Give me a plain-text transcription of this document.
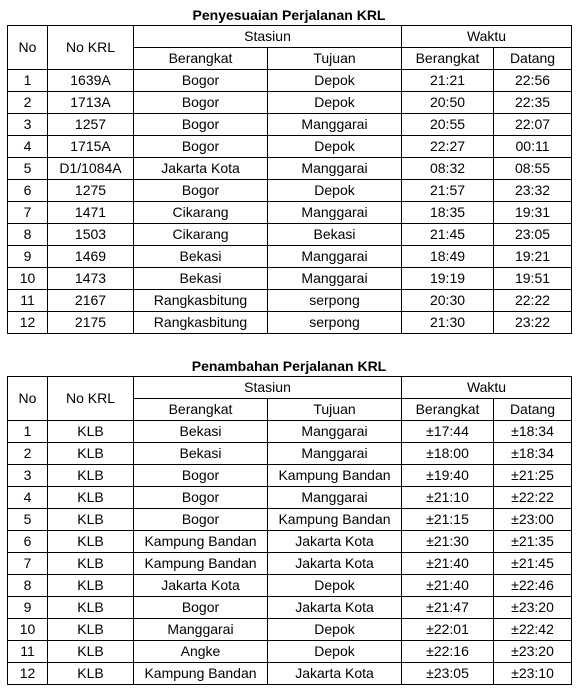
Penyesuaian Perjalanan KRL
No	No KRL	Stasiun		Waktu	
		Berangkat	Tujuan	Berangkat	Datang
1	1639A	Bogor	Depok	21:21	22:56
2	1713A	Bogor	Depok	20:50	22:35
3	1257	Bogor	Manggarai	20:55	22:07
4	1715A	Bogor	Depok	22:27	00:11
5	D1/1084A	Jakarta Kota	Manggarai	08:32	08:55
6	1275	Bogor	Depok	21:57	23:32
7	1471	Cikarang	Manggarai	18:35	19:31
8	1503	Cikarang	Bekasi	21:45	23:05
9	1469	Bekasi	Manggarai	18:49	19:21
10	1473	Bekasi	Manggarai	19:19	19:51
11	2167	Rangkasbitung	serpong	20:30	22:22
12	2175	Rangkasbitung	serpong	21:30	23:22
Penambahan Perjalanan KRL
No	No KRL	Stasiun		Waktu	
		Berangkat	Tujuan	Berangkat	Datang
1	KLB	Bekasi	Manggarai	±17:44	±18:34
2	KLB	Bekasi	Manggarai	±18:00	±18:34
3	KLB	Bogor	Kampung Bandan	±19:40	±21:25
4	KLB	Bogor	Manggarai	±21:10	±22:22
5	KLB	Bogor	Kampung Bandan	±21:15	±23:00
6	KLB	Kampung Bandan	Jakarta Kota	±21:30	±21:35
7	KLB	Kampung Bandan	Jakarta Kota	±21:40	±21:45
8	KLB	Jakarta Kota	Depok	±21:40	±22:46
9	KLB	Bogor	Jakarta Kota	±21:47	±23:20
10	KLB	Manggarai	Depok	±22:01	±22:42
11	KLB	Angke	Depok	±22:16	±23:20
12	KLB	Kampung Bandan	Jakarta Kota	±23:05	±23:10
